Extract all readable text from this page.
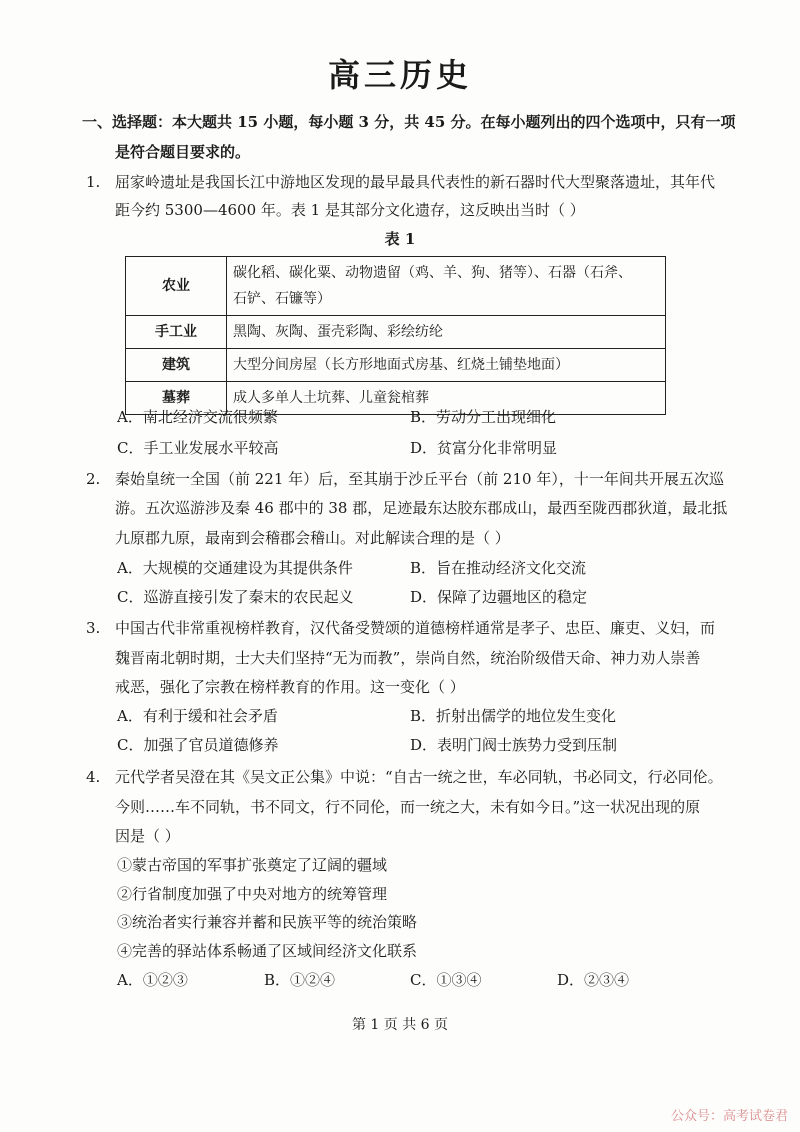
高三历史
一、选择题：本大题共 15 小题，每小题 3 分，共 45 分。在每小题列出的四个选项中，只有一项
是符合题目要求的。
1. 屈家岭遗址是我国长江中游地区发现的最早最具代表性的新石器时代大型聚落遗址，其年代
距今约 5300—4600 年。表 1 是其部分文化遗存，这反映出当时（ ）
表 1
农业	碳化稻、碳化粟、动物遗留（鸡、羊、狗、猪等）、石器（石斧、
石铲、石镰等）

手工业	黑陶、灰陶、蛋壳彩陶、彩绘纺纶
建筑	大型分间房屋（长方形地面式房基、红烧土铺垫地面）
墓葬	成人多单人土坑葬、儿童瓮棺葬
A．南北经济交流很频繁	B．劳动分工出现细化
C．手工业发展水平较高	D．贫富分化非常明显
2. 秦始皇统一全国（前 221 年）后，至其崩于沙丘平台（前 210 年），十一年间共开展五次巡
游。五次巡游涉及秦 46 郡中的 38 郡，足迹最东达胶东郡成山，最西至陇西郡狄道，最北抵
九原郡九原，最南到会稽郡会稽山。对此解读合理的是（ ）
A．大规模的交通建设为其提供条件	B．旨在推动经济文化交流
C．巡游直接引发了秦末的农民起义	D．保障了边疆地区的稳定
3. 中国古代非常重视榜样教育，汉代备受赞颂的道德榜样通常是孝子、忠臣、廉吏、义妇，而
魏晋南北朝时期，士大夫们坚持“无为而教”，崇尚自然，统治阶级借天命、神力劝人崇善
戒恶，强化了宗教在榜样教育的作用。这一变化（ ）
A．有利于缓和社会矛盾	B．折射出儒学的地位发生变化
C．加强了官员道德修养	D．表明门阀士族势力受到压制
4. 元代学者吴澄在其《吴文正公集》中说：“自古一统之世，车必同轨，书必同文，行必同伦。
今则……车不同轨，书不同文，行不同伦，而一统之大，未有如今日。”这一状况出现的原
因是（ ）
①蒙古帝国的军事扩张奠定了辽阔的疆域
②行省制度加强了中央对地方的统筹管理
③统治者实行兼容并蓄和民族平等的统治策略
④完善的驿站体系畅通了区域间经济文化联系
A．①②③	B．①②④	C．①③④	D．②③④
第 1 页 共 6 页
公众号：高考试卷君
